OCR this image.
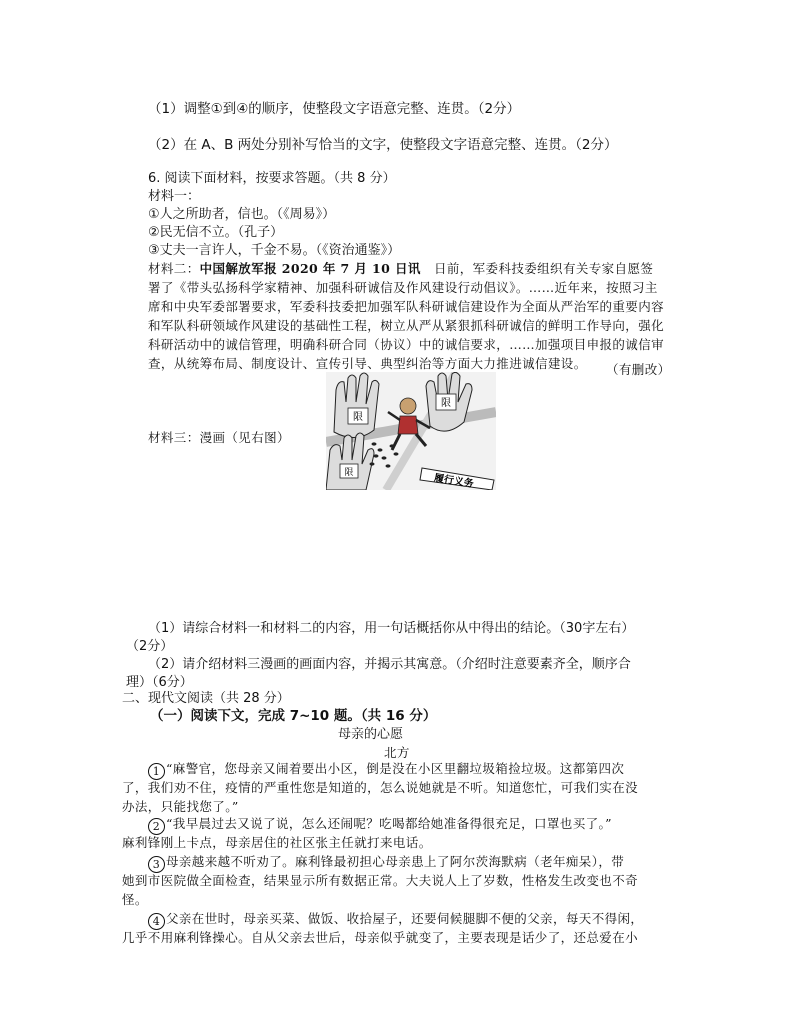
（1）调整①到④的顺序，使整段文字语意完整、连贯。（2分）
（2）在 A、B 两处分别补写恰当的文字，使整段文字语意完整、连贯。（2分）
6. 阅读下面材料，按要求答题。（共 8 分）
材料一：
①人之所助者，信也。（《周易》）
②民无信不立。（孔子）
③丈夫一言许人，千金不易。（《资治通鉴》）
材料二：中国解放军报 2020 年 7 月 10 日讯 日前，军委科技委组织有关专家自愿签
署了《带头弘扬科学家精神、加强科研诚信及作风建设行动倡议》。……近年来，按照习主
席和中央军委部署要求，军委科技委把加强军队科研诚信建设作为全面从严治军的重要内容
和军队科研领域作风建设的基础性工程，树立从严从紧狠抓科研诚信的鲜明工作导向，强化
科研活动中的诚信管理，明确科研合同（协议）中的诚信要求，……加强项目申报的诚信审
查，从统筹布局、制度设计、宣传引导、典型纠治等方面大力推进诚信建设。 （有删改）
材料三：漫画（见右图）
限
限
限	履行义务
（1）请综合材料一和材料二的内容，用一句话概括你从中得出的结论。（30字左右）
（2分）
（2）请介绍材料三漫画的画面内容，并揭示其寓意。（介绍时注意要素齐全，顺序合
理）（6分）
二、现代文阅读（共 28 分）
（一）阅读下文，完成 7~10 题。（共 16 分）
母亲的心愿
北方
1 “麻警官，您母亲又闹着要出小区，倒是没在小区里翻垃圾箱捡垃圾。这都第四次
了，我们劝不住，疫情的严重性您是知道的，怎么说她就是不听。知道您忙，可我们实在没
办法，只能找您了。”
2 “我早晨过去又说了说，怎么还闹呢？吃喝都给她准备得很充足，口罩也买了。”
麻利锋刚上卡点，母亲居住的社区张主任就打来电话。
3 母亲越来越不听劝了。麻利锋最初担心母亲患上了阿尔茨海默病（老年痴呆），带
她到市医院做全面检查，结果显示所有数据正常。大夫说人上了岁数，性格发生改变也不奇
怪。
4 父亲在世时，母亲买菜、做饭、收拾屋子，还要伺候腿脚不便的父亲，每天不得闲，
几乎不用麻利锋操心。自从父亲去世后，母亲似乎就变了，主要表现是话少了，还总爱在小
